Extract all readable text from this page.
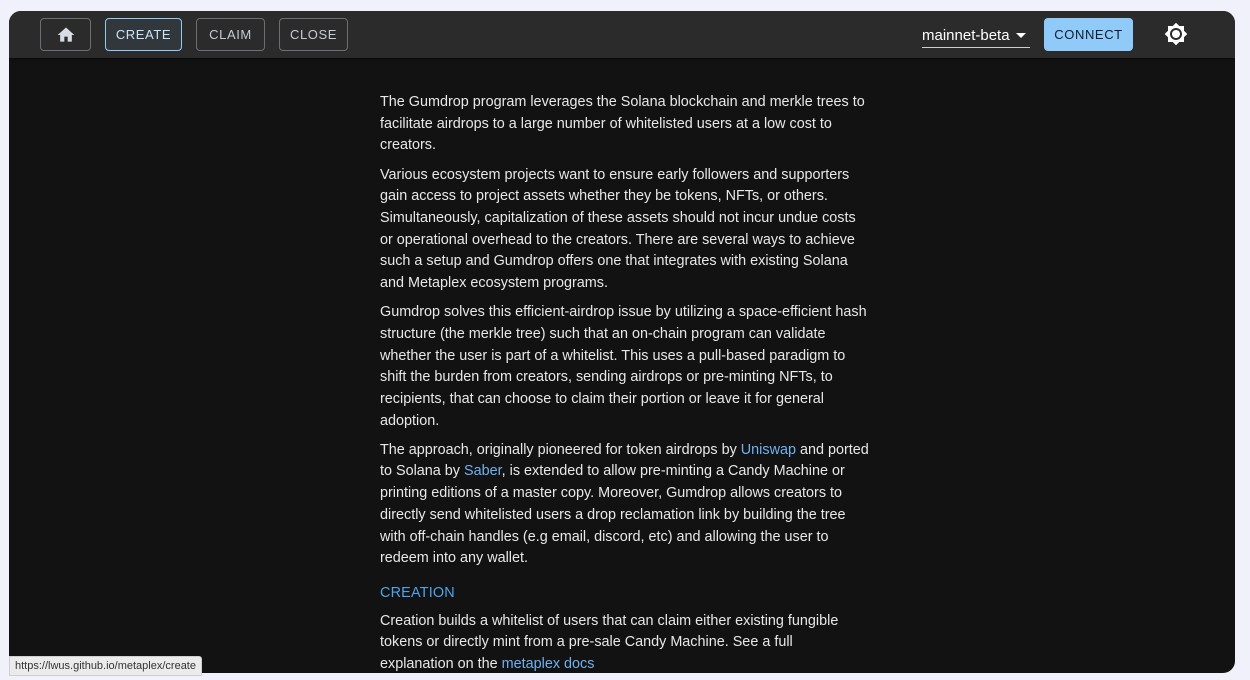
CREATE	CLAIM	CLOSE	mainnet-beta	CONNECT

The Gumdrop program leverages the Solana blockchain and merkle trees to facilitate airdrops to a large number of whitelisted users at a low cost to creators.

Various ecosystem projects want to ensure early followers and supporters gain access to project assets whether they be tokens, NFTs, or others. Simultaneously, capitalization of these assets should not incur undue costs or operational overhead to the creators. There are several ways to achieve such a setup and Gumdrop offers one that integrates with existing Solana and Metaplex ecosystem programs.

Gumdrop solves this efficient-airdrop issue by utilizing a space-efficient hash structure (the merkle tree) such that an on-chain program can validate whether the user is part of a whitelist. This uses a pull-based paradigm to shift the burden from creators, sending airdrops or pre-minting NFTs, to recipients, that can choose to claim their portion or leave it for general adoption.

The approach, originally pioneered for token airdrops by Uniswap and ported to Solana by Saber, is extended to allow pre-minting a Candy Machine or printing editions of a master copy. Moreover, Gumdrop allows creators to directly send whitelisted users a drop reclamation link by building the tree with off-chain handles (e.g email, discord, etc) and allowing the user to redeem into any wallet.

CREATION

Creation builds a whitelist of users that can claim either existing fungible tokens or directly mint from a pre-sale Candy Machine. See a full explanation on the metaplex docs

https://lwus.github.io/metaplex/create
